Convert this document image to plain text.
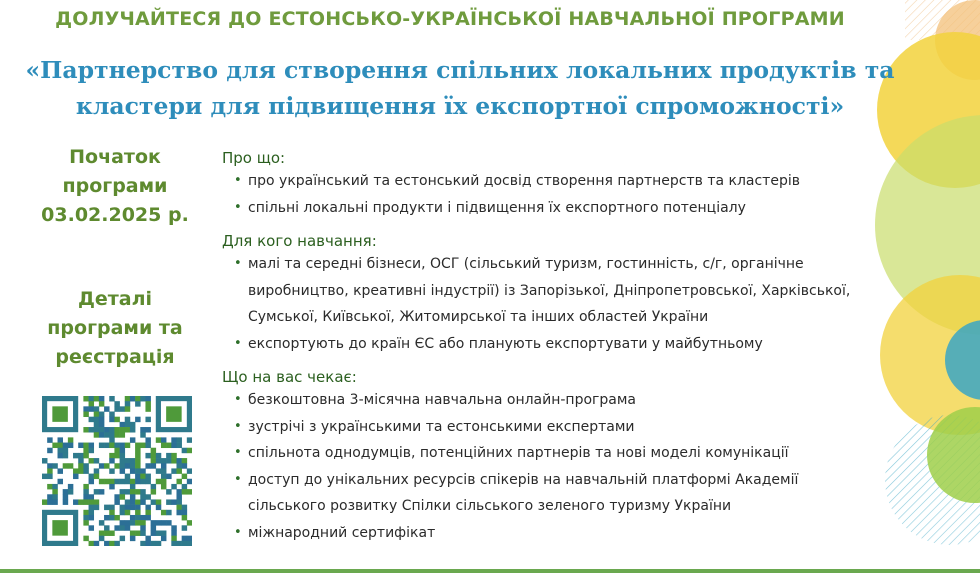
ДОЛУЧАЙТЕСЯ ДО ЕСТОНСЬКО-УКРАЇНСЬКОЇ НАВЧАЛЬНОЇ ПРОГРАМИ
«Партнерство для створення спільних локальних продуктів та
кластери для підвищення їх експортної спроможності»
Початок
програми
03.02.2025 р.
Деталі
програми та
реєстрація
Про що:
• про український та естонський досвід створення партнерств та кластерів
• спільні локальні продукти і підвищення їх експортного потенціалу
Для кого навчання:
• малі та середні бізнеси, ОСГ (сільський туризм, гостинність, с/г, органічне
виробництво, креативні індустрії) із Запорізької, Дніпропетровської, Харківської,
Сумської, Київської, Житомирської та інших областей України
• експортують до країн ЄС або планують експортувати у майбутньому
Що на вас чекає:
• безкоштовна 3-місячна навчальна онлайн-програма
• зустрічі з українськими та естонськими експертами
• спільнота однодумців, потенційних партнерів та нові моделі комунікації
• доступ до унікальних ресурсів спікерів на навчальній платформі Академії
сільського розвитку Спілки сільського зеленого туризму України
• міжнародний сертифікат
